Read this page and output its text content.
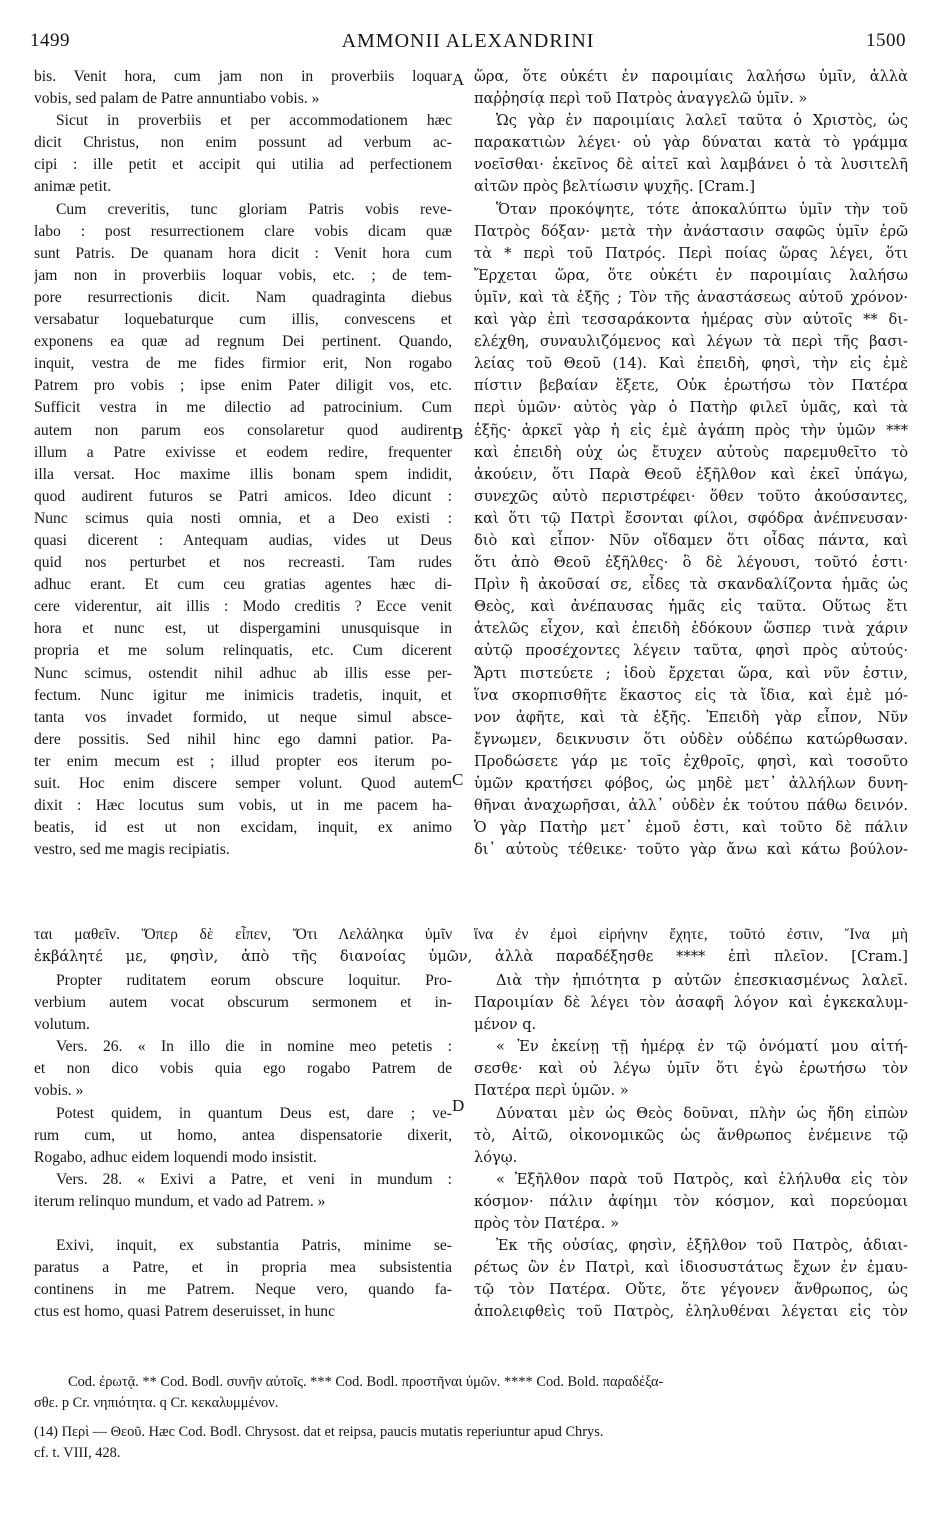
1499	AMMONII ALEXANDRINI	1500

bis. Venit hora, cum jam non in proverbiis loquar

vobis, sed palam de Patre annuntiabo vobis. »

Sicut in proverbiis et per accommodationem hæc

dicit Christus, non enim possunt ad verbum ac-

cipi : ille petit et accipit qui utilia ad perfectionem

animæ petit.

Cum creveritis, tunc gloriam Patris vobis reve-

labo : post resurrectionem clare vobis dicam quæ

sunt Patris. De quanam hora dicit : Venit hora cum

jam non in proverbiis loquar vobis, etc. ; de tem-

pore resurrectionis dicit. Nam quadraginta diebus

versabatur loquebaturque cum illis, convescens et

exponens ea quæ ad regnum Dei pertinent. Quando,

inquit, vestra de me fides firmior erit, Non rogabo

Patrem pro vobis ; ipse enim Pater diligit vos, etc.

Sufficit vestra in me dilectio ad patrocinium. Cum

autem non parum eos consolaretur quod audirent

illum a Patre exivisse et eodem redire, frequenter

illa versat. Hoc maxime illis bonam spem indidit,

quod audirent futuros se Patri amicos. Ideo dicunt :

Nunc scimus quia nosti omnia, et a Deo existi :

quasi dicerent : Antequam audias, vides ut Deus

quid nos perturbet et nos recreasti. Tam rudes

adhuc erant. Et cum ceu gratias agentes hæc di-

cere viderentur, ait illis : Modo creditis ? Ecce venit

hora et nunc est, ut dispergamini unusquisque in

propria et me solum relinquatis, etc. Cum dicerent

Nunc scimus, ostendit nihil adhuc ab illis esse per-

fectum. Nunc igitur me inimicis tradetis, inquit, et

tanta vos invadet formido, ut neque simul absce-

dere possitis. Sed nihil hinc ego damni patior. Pa-

ter enim mecum est ; illud propter eos iterum po-

suit. Hoc enim discere semper volunt. Quod autem

dixit : Hæc locutus sum vobis, ut in me pacem ha-

beatis, id est ut non excidam, inquit, ex animo

vestro, sed me magis recipiatis.

ὥρα, ὅτε οὐκέτι ἐν παροιμίαις λαλήσω ὑμῖν, ἀλλὰ

παῤῥησίᾳ περὶ τοῦ Πατρὸς ἀναγγελῶ ὑμῖν. »

Ὡς γὰρ ἐν παροιμίαις λαλεῖ ταῦτα ὁ Χριστὸς, ὡς

παρακατιὼν λέγει· οὐ γὰρ δύναται κατὰ τὸ γράμμα

νοεῖσθαι· ἐκεῖνος δὲ αἰτεῖ καὶ λαμβάνει ὁ τὰ λυσιτελῆ

αἰτῶν πρὸς βελτίωσιν ψυχῆς. [Cram.]

Ὅταν προκόψητε, τότε ἀποκαλύπτω ὑμῖν τὴν τοῦ

Πατρὸς δόξαν· μετὰ τὴν ἀνάστασιν σαφῶς ὑμῖν ἐρῶ

τὰ * περὶ τοῦ Πατρός. Περὶ ποίας ὥρας λέγει, ὅτι

Ἔρχεται ὥρα, ὅτε οὐκέτι ἐν παροιμίαις λαλήσω

ὑμῖν, καὶ τὰ ἑξῆς ; Τὸν τῆς ἀναστάσεως αὐτοῦ χρόνον·

καὶ γὰρ ἐπὶ τεσσαράκοντα ἡμέρας σὺν αὐτοῖς ** δι-

ελέχθη, συναυλιζόμενος καὶ λέγων τὰ περὶ τῆς βασι-

λείας τοῦ Θεοῦ (14). Καὶ ἐπειδὴ, φησὶ, τὴν εἰς ἐμὲ

πίστιν βεβαίαν ἕξετε, Οὐκ ἐρωτήσω τὸν Πατέρα

περὶ ὑμῶν· αὐτὸς γὰρ ὁ Πατὴρ φιλεῖ ὑμᾶς, καὶ τὰ

ἑξῆς· ἀρκεῖ γὰρ ἡ εἰς ἐμὲ ἀγάπη πρὸς τὴν ὑμῶν ***

καὶ ἐπειδὴ οὐχ ὡς ἔτυχεν αὐτοὺς παρεμυθεῖτο τὸ

ἀκούειν, ὅτι Παρὰ Θεοῦ ἐξῆλθον καὶ ἐκεῖ ὑπάγω,

συνεχῶς αὐτὸ περιστρέφει· ὅθεν τοῦτο ἀκούσαντες,

καὶ ὅτι τῷ Πατρὶ ἔσονται φίλοι, σφόδρα ἀνέπνευσαν·

διὸ καὶ εἶπον· Νῦν οἴδαμεν ὅτι οἶδας πάντα, καὶ

ὅτι ἀπὸ Θεοῦ ἐξῆλθες· ὃ δὲ λέγουσι, τοῦτό ἐστι·

Πρὶν ἢ ἀκοῦσαί σε, εἶδες τὰ σκανδαλίζοντα ἡμᾶς ὡς

Θεὸς, καὶ ἀνέπαυσας ἡμᾶς εἰς ταῦτα. Οὕτως ἔτι

ἀτελῶς εἶχον, καὶ ἐπειδὴ ἐδόκουν ὥσπερ τινὰ χάριν

αὐτῷ προσέχοντες λέγειν ταῦτα, φησὶ πρὸς αὐτούς·

Ἄρτι πιστεύετε ; ἰδοὺ ἔρχεται ὥρα, καὶ νῦν ἐστιν,

ἵνα σκορπισθῆτε ἕκαστος εἰς τὰ ἴδια, καὶ ἐμὲ μό-

νον ἀφῆτε, καὶ τὰ ἑξῆς. Ἐπειδὴ γὰρ εἶπον, Νῦν

ἔγνωμεν, δεικνυσιν ὅτι οὐδὲν οὐδέπω κατώρθωσαν.

Προδώσετε γάρ με τοῖς ἐχθροῖς, φησὶ, καὶ τοσοῦτο

ὑμῶν κρατήσει φόβος, ὡς μηδὲ μετ᾽ ἀλλήλων δυνη-

θῆναι ἀναχωρῆσαι, ἀλλ᾽ οὐδὲν ἐκ τούτου πάθω δεινόν.

Ὁ γὰρ Πατὴρ μετ᾽ ἐμοῦ ἐστι, καὶ τοῦτο δὲ πάλιν

δι᾽ αὐτοὺς τέθεικε· τοῦτο γὰρ ἄνω καὶ κάτω βούλον-

ται μαθεῖν. Ὅπερ δὲ εἶπεν, Ὅτι Λελάληκα ὑμῖν ἵνα ἐν ἐμοὶ εἰρήνην ἔχητε, τοῦτό ἐστιν, Ἵνα μὴ
ἐκβάλητέ με, φησὶν, ἀπὸ τῆς διανοίας ὑμῶν, ἀλλὰ παραδέξησθε **** ἐπὶ πλεῖον. [Cram.]

Propter ruditatem eorum obscure loquitur. Pro-

verbium autem vocat obscurum sermonem et in-

volutum.

Vers. 26. « In illo die in nomine meo petetis :

et non dico vobis quia ego rogabo Patrem de

vobis. »

Potest quidem, in quantum Deus est, dare ; ve-

rum cum, ut homo, antea dispensatorie dixerit,

Rogabo, adhuc eidem loquendi modo insistit.

Vers. 28. « Exivi a Patre, et veni in mundum :

iterum relinquo mundum, et vado ad Patrem. »

Exivi, inquit, ex substantia Patris, minime se-

paratus a Patre, et in propria mea subsistentia

continens in me Patrem. Neque vero, quando fa-

ctus est homo, quasi Patrem deseruisset, in hunc

Διὰ τὴν ἠπιότητα p αὐτῶν ἐπεσκιασμένως λαλεῖ.

Παροιμίαν δὲ λέγει τὸν ἀσαφῆ λόγον καὶ ἐγκεκαλυμ-

μένον q.

« Ἐν ἐκείνῃ τῇ ἡμέρᾳ ἐν τῷ ὀνόματί μου αἰτή-

σεσθε· καὶ οὐ λέγω ὑμῖν ὅτι ἐγὼ ἐρωτήσω τὸν

Πατέρα περὶ ὑμῶν. »

Δύναται μὲν ὡς Θεὸς δοῦναι, πλὴν ὡς ἤδη εἰπὼν

τὸ, Αἰτῶ, οἰκονομικῶς ὡς ἄνθρωπος ἐνέμεινε τῷ

λόγῳ.

« Ἐξῆλθον παρὰ τοῦ Πατρὸς, καὶ ἐλήλυθα εἰς τὸν

κόσμον· πάλιν ἀφίημι τὸν κόσμον, καὶ πορεύομαι

πρὸς τὸν Πατέρα. »

Ἐκ τῆς οὐσίας, φησὶν, ἐξῆλθον τοῦ Πατρὸς, ἀδιαι-

ρέτως ὢν ἐν Πατρὶ, καὶ ἰδιοσυστάτως ἔχων ἐν ἐμαυ-

τῷ τὸν Πατέρα. Οὔτε, ὅτε γέγονεν ἄνθρωπος, ὡς

ἀπολειφθεὶς τοῦ Πατρὸς, ἐληλυθέναι λέγεται εἰς τὸν

A
B
C
D

Cod. ἐρωτᾷ. ** Cod. Bodl. συνῆν αὐτοῖς. *** Cod. Bodl. προστῆναι ὑμῶν. **** Cod. Bold. παραδέξα-

σθε. p Cr. νηπιότητα. q Cr. κεκαλυμμένον.

(14) Περὶ — Θεοῦ. Hæc Cod. Bodl. Chrysost. dat et reipsa, paucis mutatis reperiuntur apud Chrys.

cf. t. VIII, 428.
